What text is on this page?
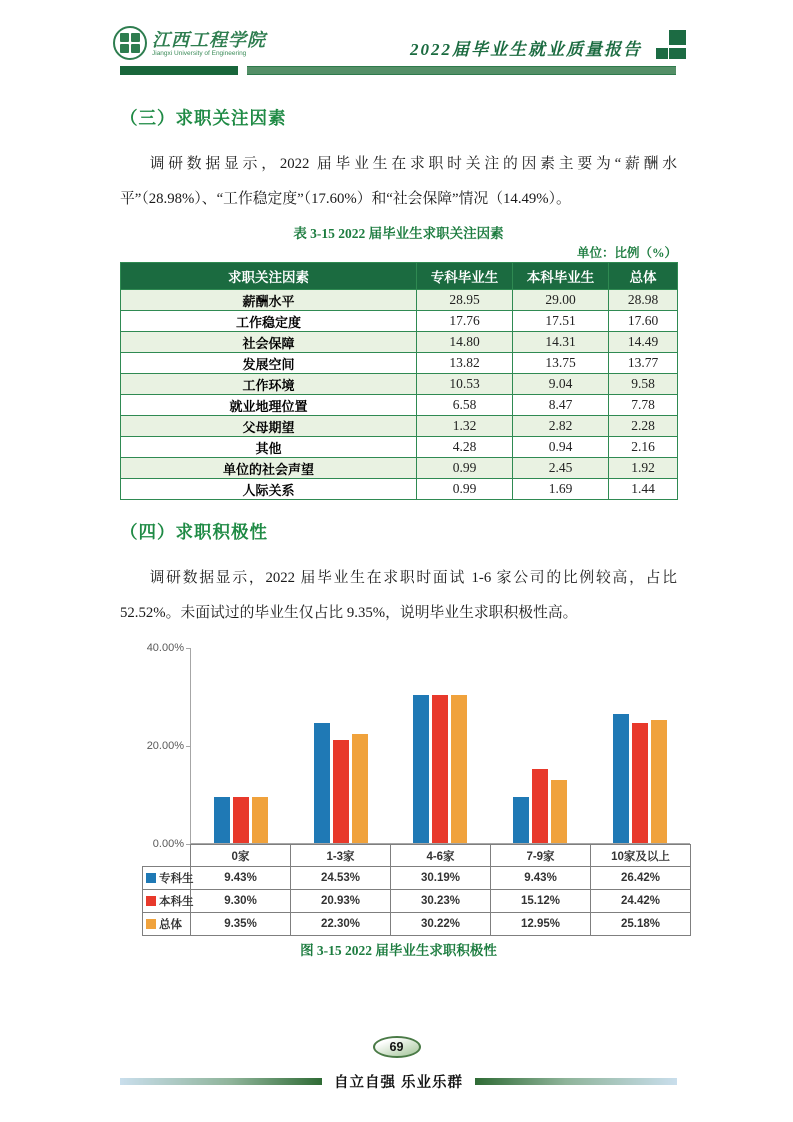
江西工程学院
Jiangxi University of Engineering	2022届毕业生就业质量报告
（三）求职关注因素
调研数据显示，2022 届毕业生在求职时关注的因素主要为“薪酬水平”（28.98%）、“工作稳定度”（17.60%）和“社会保障”情况（14.49%）。
表 3-15 2022 届毕业生求职关注因素
单位：比例（%）
求职关注因素	专科毕业生	本科毕业生	总体
薪酬水平	28.95	29.00	28.98
工作稳定度	17.76	17.51	17.60
社会保障	14.80	14.31	14.49
发展空间	13.82	13.75	13.77
工作环境	10.53	9.04	9.58
就业地理位置	6.58	8.47	7.78
父母期望	1.32	2.82	2.28
其他	4.28	0.94	2.16
单位的社会声望	0.99	2.45	1.92
人际关系	0.99	1.69	1.44
（四）求职积极性
调研数据显示，2022 届毕业生在求职时面试 1-6 家公司的比例较高，占比 52.52%。未面试过的毕业生仅占比 9.35%，说明毕业生求职积极性高。
40.00%
20.00%
0.00%
	0家	1-3家	4-6家	7-9家	10家及以上
专科生	9.43%	24.53%	30.19%	9.43%	26.42%
本科生	9.30%	20.93%	30.23%	15.12%	24.42%
总体	9.35%	22.30%	30.22%	12.95%	25.18%
图 3-15 2022 届毕业生求职积极性
69
自立自强 乐业乐群
